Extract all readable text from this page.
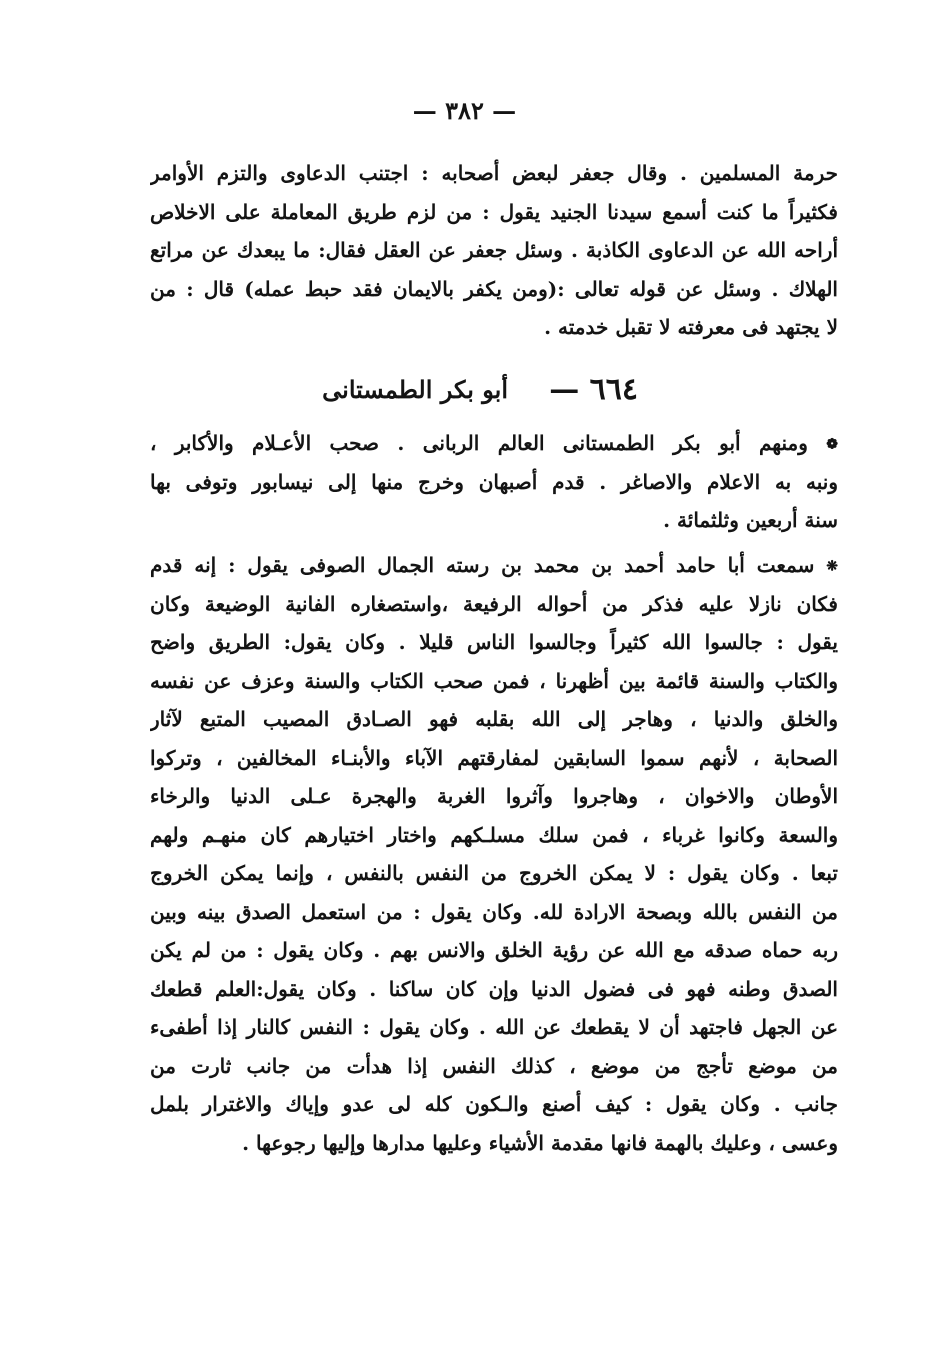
— ٣٨٢ —
حرمة المسلمين . وقال جعفر لبعض أصحابه : اجتنب الدعاوى والتزم الأوامر
فكثيراً ما كنت أسمع سيدنا الجنيد يقول : من لزم طريق المعاملة على الاخلاص
أراحه الله عن الدعاوى الكاذبة . وسئل جعفر عن العقل فقال: ما يبعدك عن مراتع
الهلاك . وسئل عن قوله تعالى :(ومن يكفر بالايمان فقد حبط عمله) قال : من
لا يجتهد فى معرفته لا تقبل خدمته .
٦٦٤ —
أبو بكر الطمستانى
❁ ومنهم أبو بكر الطمستانى العالم الربانى . صحب الأعـلام والأكابر ،
ونبه به الاعلام والاصاغر . قدم أصبهان وخرج منها إلى نيسابور وتوفى بها
سنة أربعين وثلثمائة .
❋ سمعت أبا حامد أحمد بن محمد بن رسته الجمال الصوفى يقول : إنه قدم
فكان نازلا عليه فذكر من أحواله الرفيعة ،واستصغاره الفانية الوضيعة وكان
يقول : جالسوا الله كثيراً وجالسوا الناس قليلا . وكان يقول: الطريق واضح
والكتاب والسنة قائمة بين أظهرنا ، فمن صحب الكتاب والسنة وعزف عن نفسه
والخلق والدنيا ، وهاجر إلى الله بقلبه فهو الصـادق المصيب المتبع لآثار
الصحابة ، لأنهم سموا السابقين لمفارقتهم الآباء والأبنـاء المخالفين ، وتركوا
الأوطان والاخوان ، وهاجروا وآثروا الغربة والهجرة عـلى الدنيا والرخاء
والسعة وكانوا غرباء ، فمن سلك مسلـكهم واختار اختيارهم كان منهـم ولهم
تبعا . وكان يقول : لا يمكن الخروج من النفس بالنفس ، وإنما يمكن الخروج
من النفس بالله وبصحة الارادة لله. وكان يقول : من استعمل الصدق بينه وبين
ربه حماه صدقه مع الله عن رؤية الخلق والانس بهم . وكان يقول : من لم يكن
الصدق وطنه فهو فى فضول الدنيا وإن كان ساكنا . وكان يقول:العلم قطعك
عن الجهل فاجتهد أن لا يقطعك عن الله . وكان يقول : النفس كالنار إذا أطفىء
من موضع تأجج من موضع ، كذلك النفس إذا هدأت من جانب ثارت من
جانب . وكان يقول : كيف أصنع والـكون كله لى عدو وإياك والاغترار بلمل
وعسى ، وعليك بالهمة فانها مقدمة الأشياء وعليها مدارها وإليها رجوعها .
